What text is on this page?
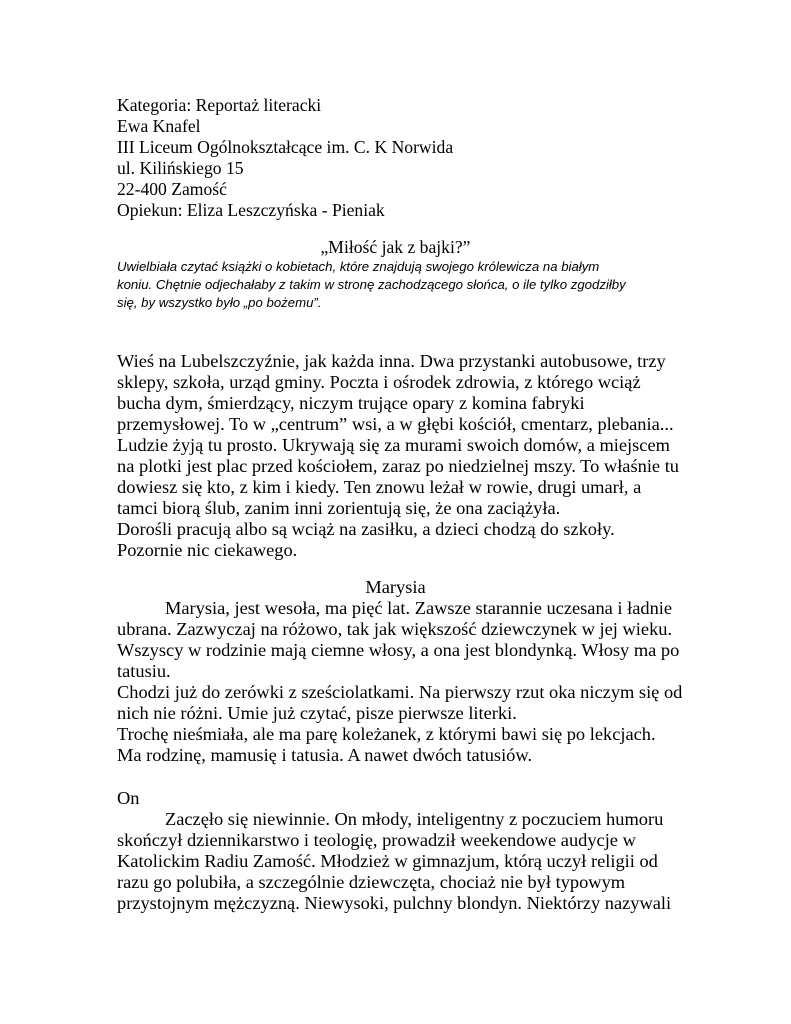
Kategoria: Reportaż literacki
Ewa Knafel
III Liceum Ogólnokształcące im. C. K Norwida
ul. Kilińskiego 15
22-400 Zamość
Opiekun: Eliza Leszczyńska - Pieniak
„Miłość jak z bajki?”
Uwielbiała czytać książki o kobietach, które znajdują swojego królewicza na białym
koniu. Chętnie odjechałaby z takim w stronę zachodzącego słońca, o ile tylko zgodziłby
się, by wszystko było „po bożemu”.
Wieś na Lubelszczyźnie, jak każda inna. Dwa przystanki autobusowe, trzy
sklepy, szkoła, urząd gminy. Poczta i ośrodek zdrowia, z którego wciąż
bucha dym, śmierdzący, niczym trujące opary z komina fabryki
przemysłowej. To w „centrum” wsi, a w głębi kościół, cmentarz, plebania...
Ludzie żyją tu prosto. Ukrywają się za murami swoich domów, a miejscem
na plotki jest plac przed kościołem, zaraz po niedzielnej mszy. To właśnie tu
dowiesz się kto, z kim i kiedy. Ten znowu leżał w rowie, drugi umarł, a
tamci biorą ślub, zanim inni zorientują się, że ona zaciążyła.
Dorośli pracują albo są wciąż na zasiłku, a dzieci chodzą do szkoły.
Pozornie nic ciekawego.
Marysia
Marysia, jest wesoła, ma pięć lat. Zawsze starannie uczesana i ładnie
ubrana. Zazwyczaj na różowo, tak jak większość dziewczynek w jej wieku.
Wszyscy w rodzinie mają ciemne włosy, a ona jest blondynką. Włosy ma po
tatusiu.
Chodzi już do zerówki z sześciolatkami. Na pierwszy rzut oka niczym się od
nich nie różni. Umie już czytać, pisze pierwsze literki.
Trochę nieśmiała, ale ma parę koleżanek, z którymi bawi się po lekcjach.
Ma rodzinę, mamusię i tatusia. A nawet dwóch tatusiów.
On
Zaczęło się niewinnie. On młody, inteligentny z poczuciem humoru
skończył dziennikarstwo i teologię, prowadził weekendowe audycje w
Katolickim Radiu Zamość. Młodzież w gimnazjum, którą uczył religii od
razu go polubiła, a szczególnie dziewczęta, chociaż nie był typowym
przystojnym mężczyzną. Niewysoki, pulchny blondyn. Niektórzy nazywali
